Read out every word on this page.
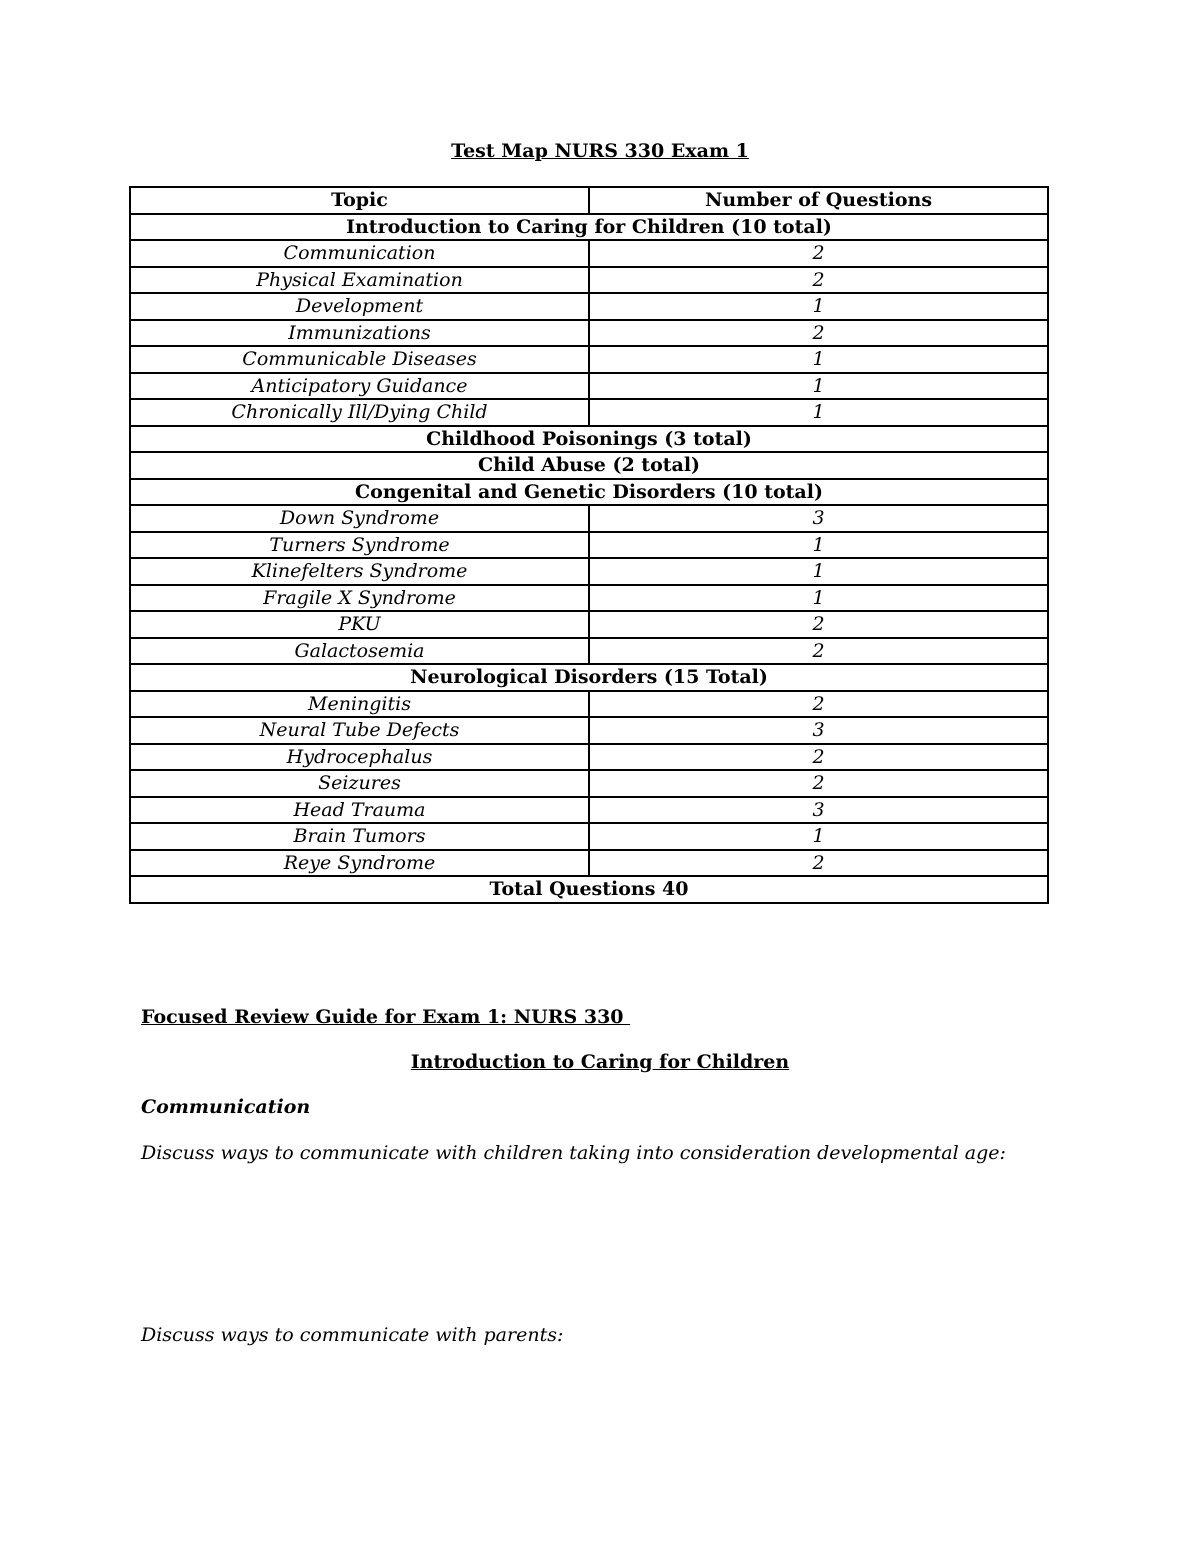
Test Map NURS 330 Exam 1
Topic	Number of Questions
Introduction to Caring for Children (10 total)	
Communication	2
Physical Examination	2
Development	1
Immunizations	2
Communicable Diseases	1
Anticipatory Guidance	1
Chronically Ill/Dying Child	1
Childhood Poisonings (3 total)	
Child Abuse (2 total)	
Congenital and Genetic Disorders (10 total)	
Down Syndrome	3
Turners Syndrome	1
Klinefelters Syndrome	1
Fragile X Syndrome	1
PKU	2
Galactosemia	2
Neurological Disorders (15 Total)	
Meningitis	2
Neural Tube Defects	3
Hydrocephalus	2
Seizures	2
Head Trauma	3
Brain Tumors	1
Reye Syndrome	2
Total Questions 40	
Focused Review Guide for Exam 1: NURS 330
Introduction to Caring for Children
Communication
Discuss ways to communicate with children taking into consideration developmental age:
Discuss ways to communicate with parents:
